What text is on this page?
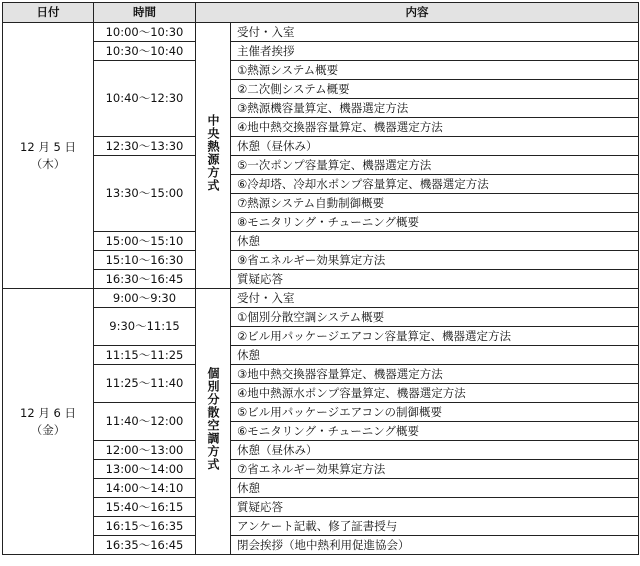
日付	時間	内容	

12 月 5 日
（木）	10:00〜10:30	中央熱源方式	受付・入室
	10:30〜10:40		主催者挨拶
	10:40〜12:30		①熱源システム概要
			②二次側システム概要
			③熱源機容量算定、機器選定方法
			④地中熱交換器容量算定、機器選定方法
	12:30〜13:30		休憩（昼休み）
	13:30〜15:00		⑤一次ポンプ容量算定、機器選定方法
			⑥冷却塔、冷却水ポンプ容量算定、機器選定方法
			⑦熱源システム自動制御概要
			⑧モニタリング・チューニング概要
	15:00〜15:10		休憩
	15:10〜16:30		⑨省エネルギー効果算定方法
	16:30〜16:45		質疑応答

12 月 6 日
（金）	9:00〜9:30	個別分散空調方式	受付・入室
	9:30〜11:15		①個別分散空調システム概要
			②ビル用パッケージエアコン容量算定、機器選定方法
	11:15〜11:25		休憩
	11:25〜11:40		③地中熱交換器容量算定、機器選定方法
			④地中熱源水ポンプ容量算定、機器選定方法
	11:40〜12:00		⑤ビル用パッケージエアコンの制御概要
			⑥モニタリング・チューニング概要
	12:00〜13:00		休憩（昼休み）
	13:00〜14:00		⑦省エネルギー効果算定方法
	14:00〜14:10		休憩
	15:40〜16:15		質疑応答
	16:15〜16:35		アンケート記載、修了証書授与
	16:35〜16:45		閉会挨拶（地中熱利用促進協会）
